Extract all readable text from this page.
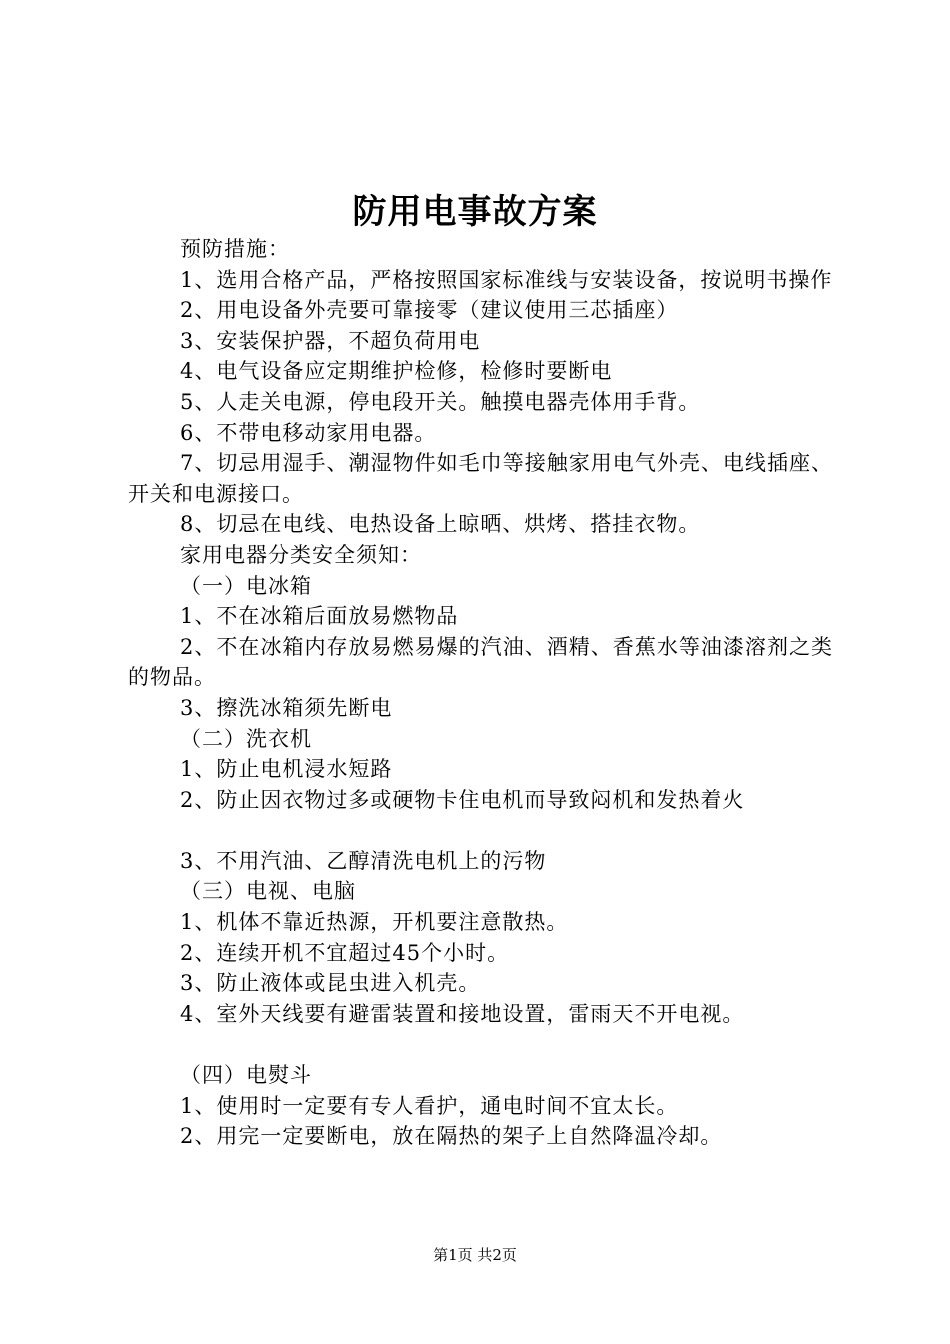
防用电事故方案

预防措施：

1、选用合格产品，严格按照国家标准线与安装设备，按说明书操作

2、用电设备外壳要可靠接零（建议使用三芯插座）

3、安装保护器，不超负荷用电

4、电气设备应定期维护检修，检修时要断电

5、人走关电源，停电段开关。触摸电器壳体用手背。

6、不带电移动家用电器。

7、切忌用湿手、潮湿物件如毛巾等接触家用电气外壳、电线插座、开关和电源接口。

8、切忌在电线、电热设备上晾晒、烘烤、搭挂衣物。

家用电器分类安全须知：

（一）电冰箱

1、不在冰箱后面放易燃物品

2、不在冰箱内存放易燃易爆的汽油、酒精、香蕉水等油漆溶剂之类的物品。

3、擦洗冰箱须先断电

（二）洗衣机

1、防止电机浸水短路

2、防止因衣物过多或硬物卡住电机而导致闷机和发热着火

3、不用汽油、乙醇清洗电机上的污物

（三）电视、电脑

1、机体不靠近热源，开机要注意散热。

2、连续开机不宜超过45个小时。

3、防止液体或昆虫进入机壳。

4、室外天线要有避雷装置和接地设置，雷雨天不开电视。

（四）电熨斗

1、使用时一定要有专人看护，通电时间不宜太长。

2、用完一定要断电，放在隔热的架子上自然降温冷却。

第1页 共2页
